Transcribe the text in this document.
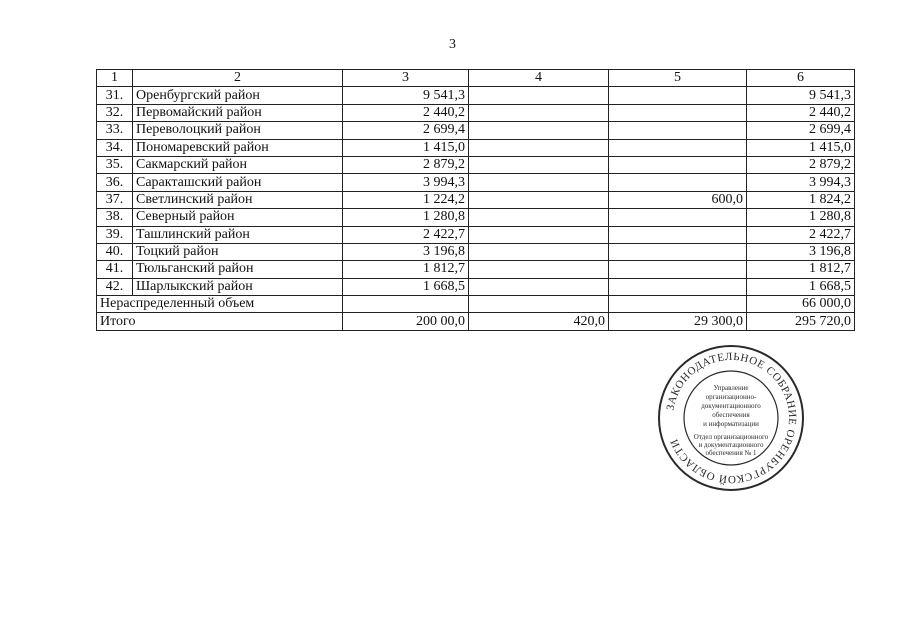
3
1	2	3	4	5	6
31.	Оренбургский район	9 541,3			9 541,3
32.	Первомайский район	2 440,2			2 440,2
33.	Переволоцкий район	2 699,4			2 699,4
34.	Пономаревский район	1 415,0			1 415,0
35.	Сакмарский район	2 879,2			2 879,2
36.	Саракташский район	3 994,3			3 994,3
37.	Светлинский район	1 224,2		600,0	1 824,2
38.	Северный район	1 280,8			1 280,8
39.	Ташлинский район	2 422,7			2 422,7
40.	Тоцкий район	3 196,8			3 196,8
41.	Тюльганский район	1 812,7			1 812,7
42.	Шарлыкский район	1 668,5			1 668,5
Нераспределенный объем					66 000,0
Итого		200 00,0	420,0	29 300,0	295 720,0
ЗАКОНОДАТЕЛЬНОЕ СОБРАНИЕ ОРЕНБУРГСКОЙ ОБЛАСТИ
Управление
организационно-
документационного
обеспечения
и информатизации
Отдел организационного
и документационного
обеспечения № 1
